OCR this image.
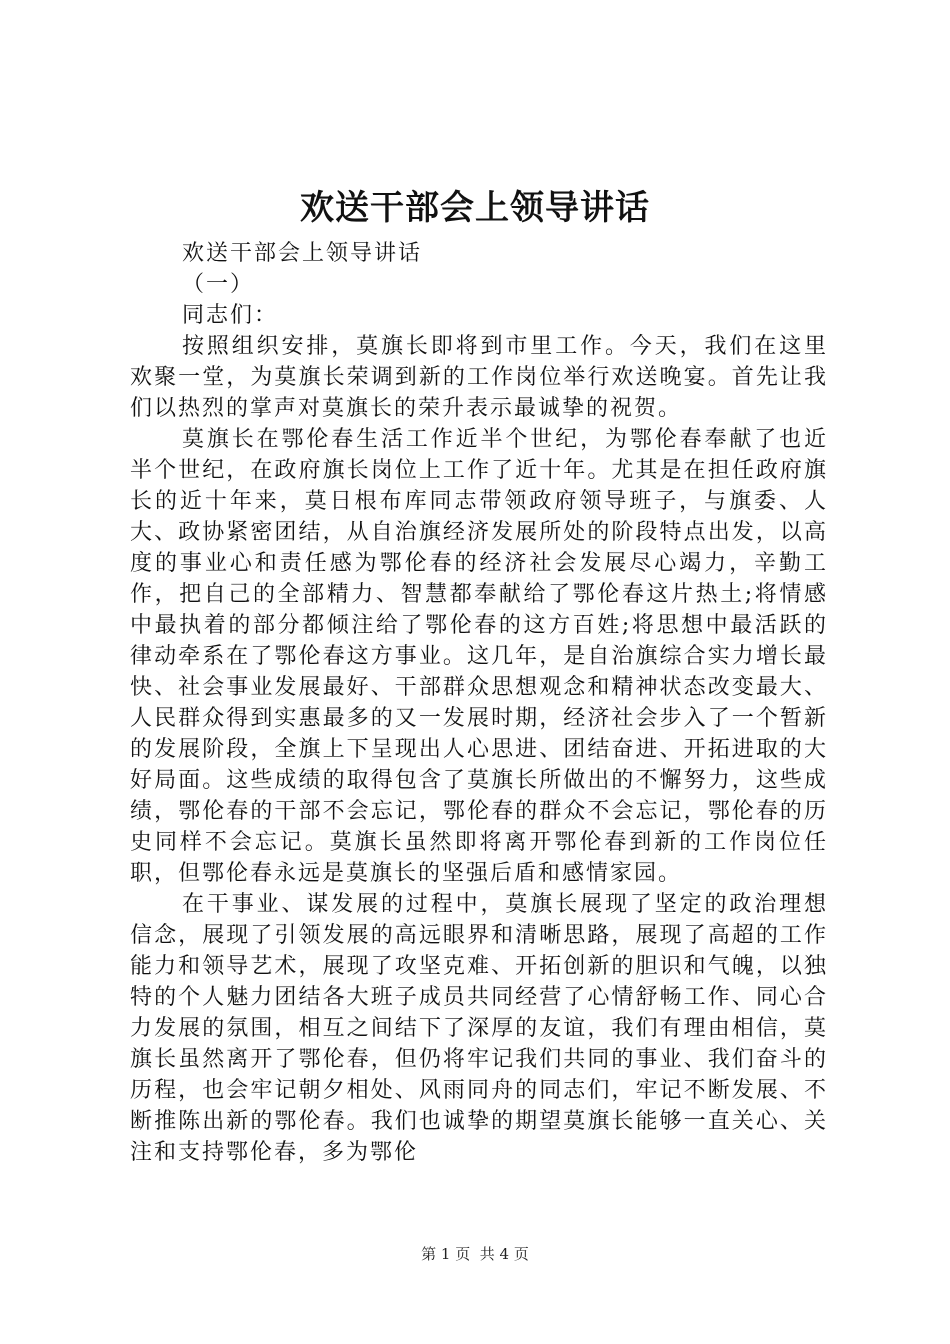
欢送干部会上领导讲话

欢送干部会上领导讲话

（一）

同志们：

按照组织安排，莫旗长即将到市里工作。今天，我们在这里欢聚一堂，为莫旗长荣调到新的工作岗位举行欢送晚宴。首先让我们以热烈的掌声对莫旗长的荣升表示最诚挚的祝贺。

莫旗长在鄂伦春生活工作近半个世纪，为鄂伦春奉献了也近半个世纪，在政府旗长岗位上工作了近十年。尤其是在担任政府旗长的近十年来，莫日根布库同志带领政府领导班子，与旗委、人大、政协紧密团结，从自治旗经济发展所处的阶段特点出发，以高度的事业心和责任感为鄂伦春的经济社会发展尽心竭力，辛勤工作，把自己的全部精力、智慧都奉献给了鄂伦春这片热土;将情感中最执着的部分都倾注给了鄂伦春的这方百姓;将思想中最活跃的律动牵系在了鄂伦春这方事业。这几年，是自治旗综合实力增长最快、社会事业发展最好、干部群众思想观念和精神状态改变最大、人民群众得到实惠最多的又一发展时期，经济社会步入了一个暂新的发展阶段，全旗上下呈现出人心思进、团结奋进、开拓进取的大好局面。这些成绩的取得包含了莫旗长所做出的不懈努力，这些成绩，鄂伦春的干部不会忘记，鄂伦春的群众不会忘记，鄂伦春的历史同样不会忘记。莫旗长虽然即将离开鄂伦春到新的工作岗位任职，但鄂伦春永远是莫旗长的坚强后盾和感情家园。

在干事业、谋发展的过程中，莫旗长展现了坚定的政治理想信念，展现了引领发展的高远眼界和清晰思路，展现了高超的工作能力和领导艺术，展现了攻坚克难、开拓创新的胆识和气魄，以独特的个人魅力团结各大班子成员共同经营了心情舒畅工作、同心合力发展的氛围，相互之间结下了深厚的友谊，我们有理由相信，莫旗长虽然离开了鄂伦春，但仍将牢记我们共同的事业、我们奋斗的历程，也会牢记朝夕相处、风雨同舟的同志们，牢记不断发展、不断推陈出新的鄂伦春。我们也诚挚的期望莫旗长能够一直关心、关注和支持鄂伦春，多为鄂伦

第 1 页  共 4 页
